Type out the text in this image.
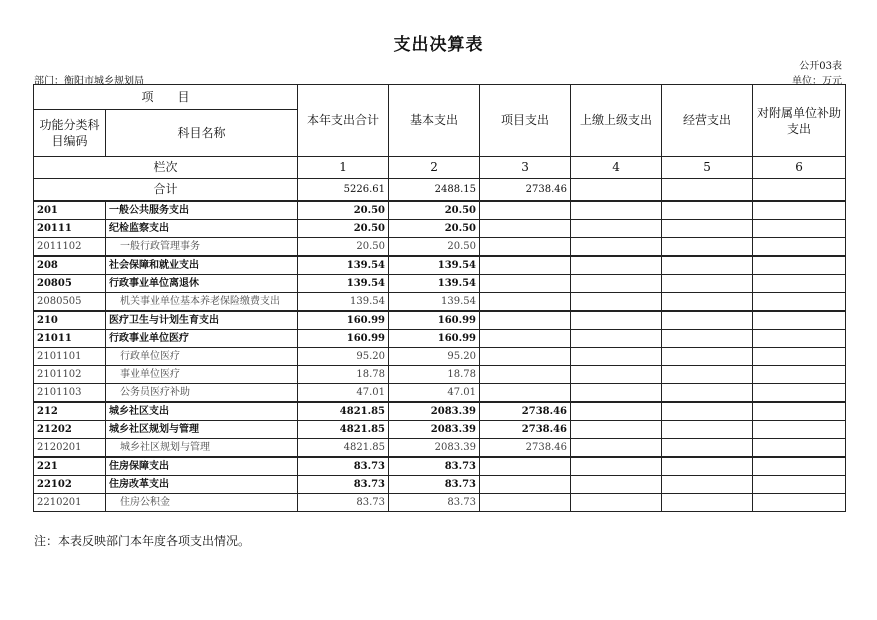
支出决算表
公开03表
部门：衡阳市城乡规划局	单位：万元
项　　目		本年支出合计	基本支出	项目支出	上缴上级支出	经营支出	对附属单位补助支出
功能分类科目编码	科目名称						
栏次		1	2	3	4	5	6
合计		5226.61	2488.15	2738.46			
201	一般公共服务支出	20.50	20.50				
20111	纪检监察支出	20.50	20.50				
2011102	一般行政管理事务	20.50	20.50				
208	社会保障和就业支出	139.54	139.54				
20805	行政事业单位离退休	139.54	139.54				
2080505	机关事业单位基本养老保险缴费支出	139.54	139.54				
210	医疗卫生与计划生育支出	160.99	160.99				
21011	行政事业单位医疗	160.99	160.99				
2101101	行政单位医疗	95.20	95.20				
2101102	事业单位医疗	18.78	18.78				
2101103	公务员医疗补助	47.01	47.01				
212	城乡社区支出	4821.85	2083.39	2738.46			
21202	城乡社区规划与管理	4821.85	2083.39	2738.46			
2120201	城乡社区规划与管理	4821.85	2083.39	2738.46			
221	住房保障支出	83.73	83.73				
22102	住房改革支出	83.73	83.73				
2210201	住房公积金	83.73	83.73				
注：本表反映部门本年度各项支出情况。
